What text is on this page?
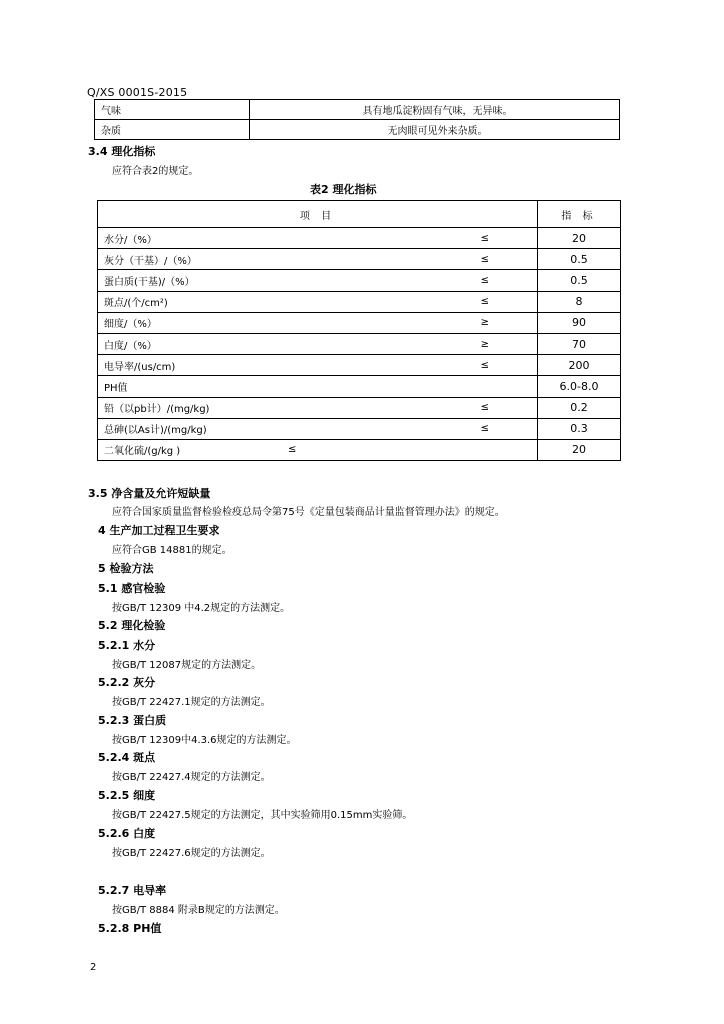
Q/XS 0001S-2015
气味	具有地瓜淀粉固有气味，无异味。
杂质	无肉眼可见外来杂质。
3.4 理化指标
应符合表2的规定。
表2 理化指标
项 目		指 标
水分/（%）	≤	20
灰分（干基）/（%）	≤	0.5
蛋白质(干基)/（%）	≤	0.5
斑点/(个/cm²)	≤	8
细度/（%）	≥	90
白度/（%）	≥	70
电导率/(us/cm)	≤	200
PH值		6.0-8.0
铅（以pb计）/(mg/kg)	≤	0.2
总砷(以As计)/(mg/kg)	≤	0.3
二氧化硫/(g/kg )	≤	20
3.5 净含量及允许短缺量
应符合国家质量监督检验检疫总局令第75号《定量包装商品计量监督管理办法》的规定。
4 生产加工过程卫生要求
应符合GB 14881的规定。
5 检验方法
5.1 感官检验
按GB/T 12309 中4.2规定的方法测定。
5.2 理化检验
5.2.1 水分
按GB/T 12087规定的方法测定。
5.2.2 灰分
按GB/T 22427.1规定的方法测定。
5.2.3 蛋白质
按GB/T 12309中4.3.6规定的方法测定。
5.2.4 斑点
按GB/T 22427.4规定的方法测定。
5.2.5 细度
按GB/T 22427.5规定的方法测定，其中实验筛用0.15mm实验筛。
5.2.6 白度
按GB/T 22427.6规定的方法测定。
5.2.7 电导率
按GB/T 8884 附录B规定的方法测定。
5.2.8 PH值
2
